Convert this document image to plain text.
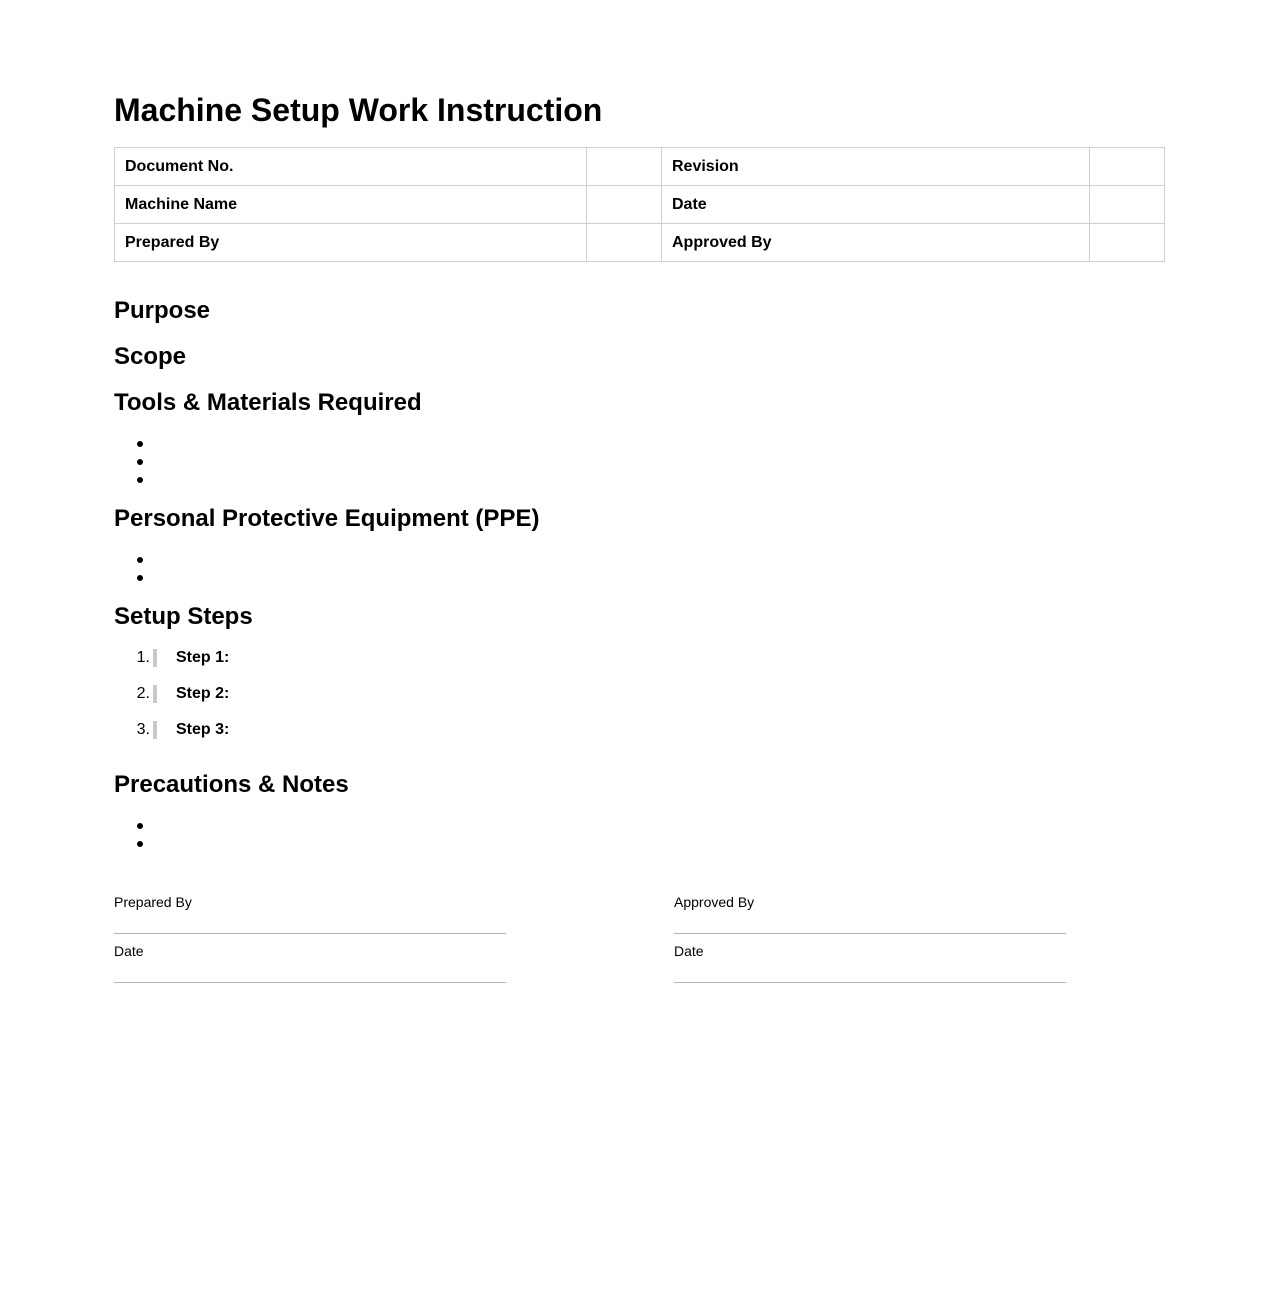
Machine Setup Work Instruction
Document No.		Revision	
Machine Name		Date	
Prepared By		Approved By	
Purpose
Scope
Tools & Materials Required
Personal Protective Equipment (PPE)
Setup Steps
1. Step 1:
2. Step 2:
3. Step 3:
Precautions & Notes
Prepared By
Date
Approved By
Date
